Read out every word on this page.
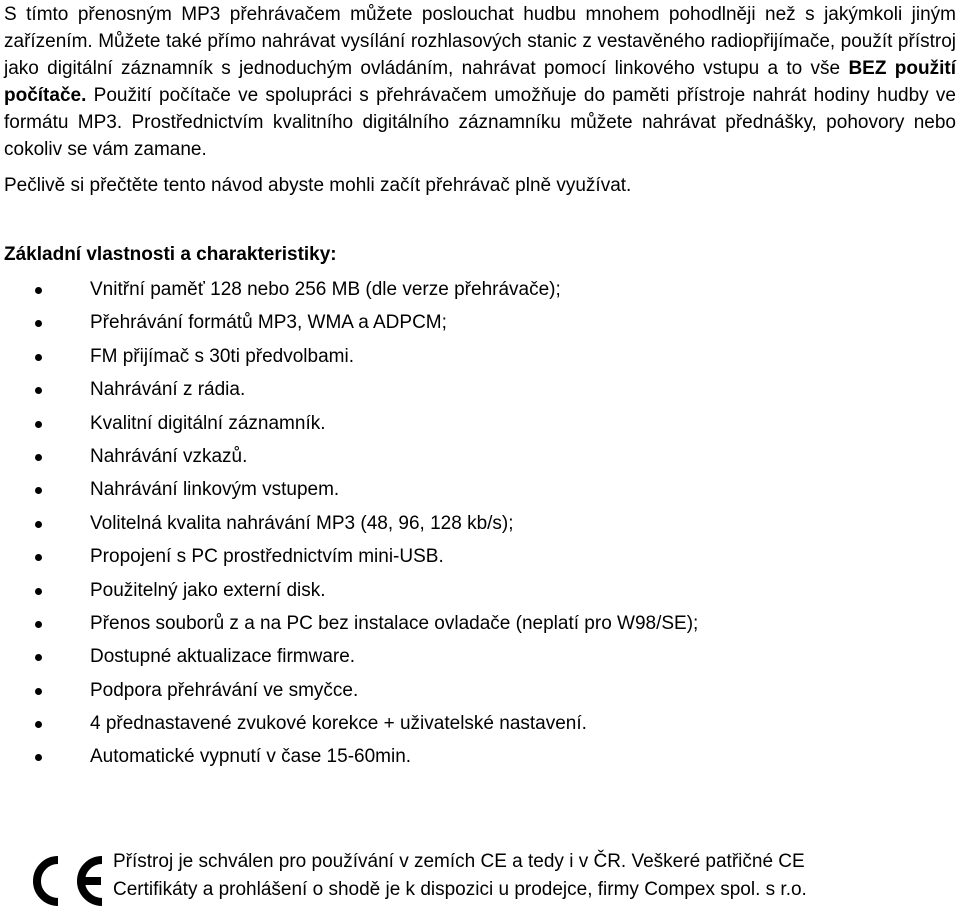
S tímto přenosným MP3 přehrávačem můžete poslouchat hudbu mnohem pohodlněji než s jakýmkoli jiným zařízením. Můžete také přímo nahrávat vysílání rozhlasových stanic z vestavěného radiopřijímače, použít přístroj jako digitální záznamník s jednoduchým ovládáním, nahrávat pomocí linkového vstupu a to vše BEZ použití počítače. Použití počítače ve spolupráci s přehrávačem umožňuje do paměti přístroje nahrát hodiny hudby ve formátu MP3. Prostřednictvím kvalitního digitálního záznamníku můžete nahrávat přednášky, pohovory nebo cokoliv se vám zamane.

Pečlivě si přečtěte tento návod abyste mohli začít přehrávač plně využívat.

Základní vlastnosti a charakteristiky:

Vnitřní paměť 128 nebo 256 MB (dle verze přehrávače);
Přehrávání formátů MP3, WMA a ADPCM;
FM přijímač s 30ti předvolbami.
Nahrávání z rádia.
Kvalitní digitální záznamník.
Nahrávání vzkazů.
Nahrávání linkovým vstupem.
Volitelná kvalita nahrávání MP3 (48, 96, 128 kb/s);
Propojení s PC prostřednictvím mini-USB.
Použitelný jako externí disk.
Přenos souborů z a na PC bez instalace ovladače (neplatí pro W98/SE);
Dostupné aktualizace firmware.
Podpora přehrávání ve smyčce.
4 přednastavené zvukové korekce + uživatelské nastavení.
Automatické vypnutí v čase 15-60min.
Přístroj je schválen pro používání v zemích CE a tedy i v ČR. Veškeré patřičné CE
Certifikáty a prohlášení o shodě je k dispozici u prodejce, firmy Compex spol. s r.o.
